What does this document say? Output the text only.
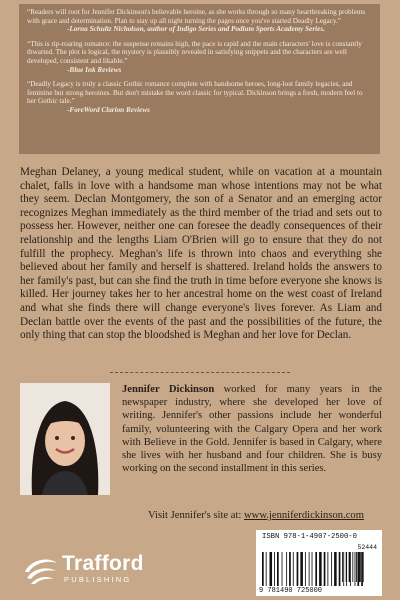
“Readers will root for Jennifer Dickinson's believable heroine, as she works through so many heartbreaking problems with grace and determination. Plan to stay up all night turning the pages once you've started Deadly Legacy.”
-Lorna Schultz Nicholson, author of Indigo Series and Podium Sports Academy Series.

“This is rip-roaring romance: the suspense remains high, the pace is rapid and the main characters' love is constantly thwarted. The plot is logical, the mystery is plausibly revealed in satisfying snippets and the characters are well developed, consistent and likable.”
-Blue Ink Reviews

“Deadly Legacy is truly a classic Gothic romance complete with handsome heroes, long-lost family legacies, and feminine but strong heroines. But don't mistake the word classic for typical. Dickinson brings a fresh, modern feel to her Gothic tale.”
-ForeWord Clarion Reviews

Meghan Delaney, a young medical student, while on vacation at a mountain chalet, falls in love with a handsome man whose intentions may not be what they seem. Declan Montgomery, the son of a Senator and an emerging actor recognizes Meghan immediately as the third member of the triad and sets out to possess her. However, neither one can foresee the deadly consequences of their relationship and the lengths Liam O'Brien will go to ensure that they do not fulfill the prophecy. Meghan's life is thrown into chaos and everything she believed about her family and herself is shattered. Ireland holds the answers to her family's past, but can she find the truth in time before everyone she knows is killed. Her journey takes her to her ancestral home on the west coast of Ireland and what she finds there will change everyone's lives forever. As Liam and Declan battle over the events of the past and the possibilities of the future, the only thing that can stop the bloodshed is Meghan and her love for Declan.

Jennifer Dickinson worked for many years in the newspaper industry, where she developed her love of writing. Jennifer's other passions include her wonderful family, volunteering with the Calgary Opera and her work with Believe in the Gold. Jennifer is based in Calgary, where she lives with her husband and four children. She is busy working on the second installment in this series.

Visit Jennifer's site at: www.jenniferdickinson.com
Trafford
PUBLISHING
ISBN 978-1-4907-2500-0
52444
9 781490 725000
